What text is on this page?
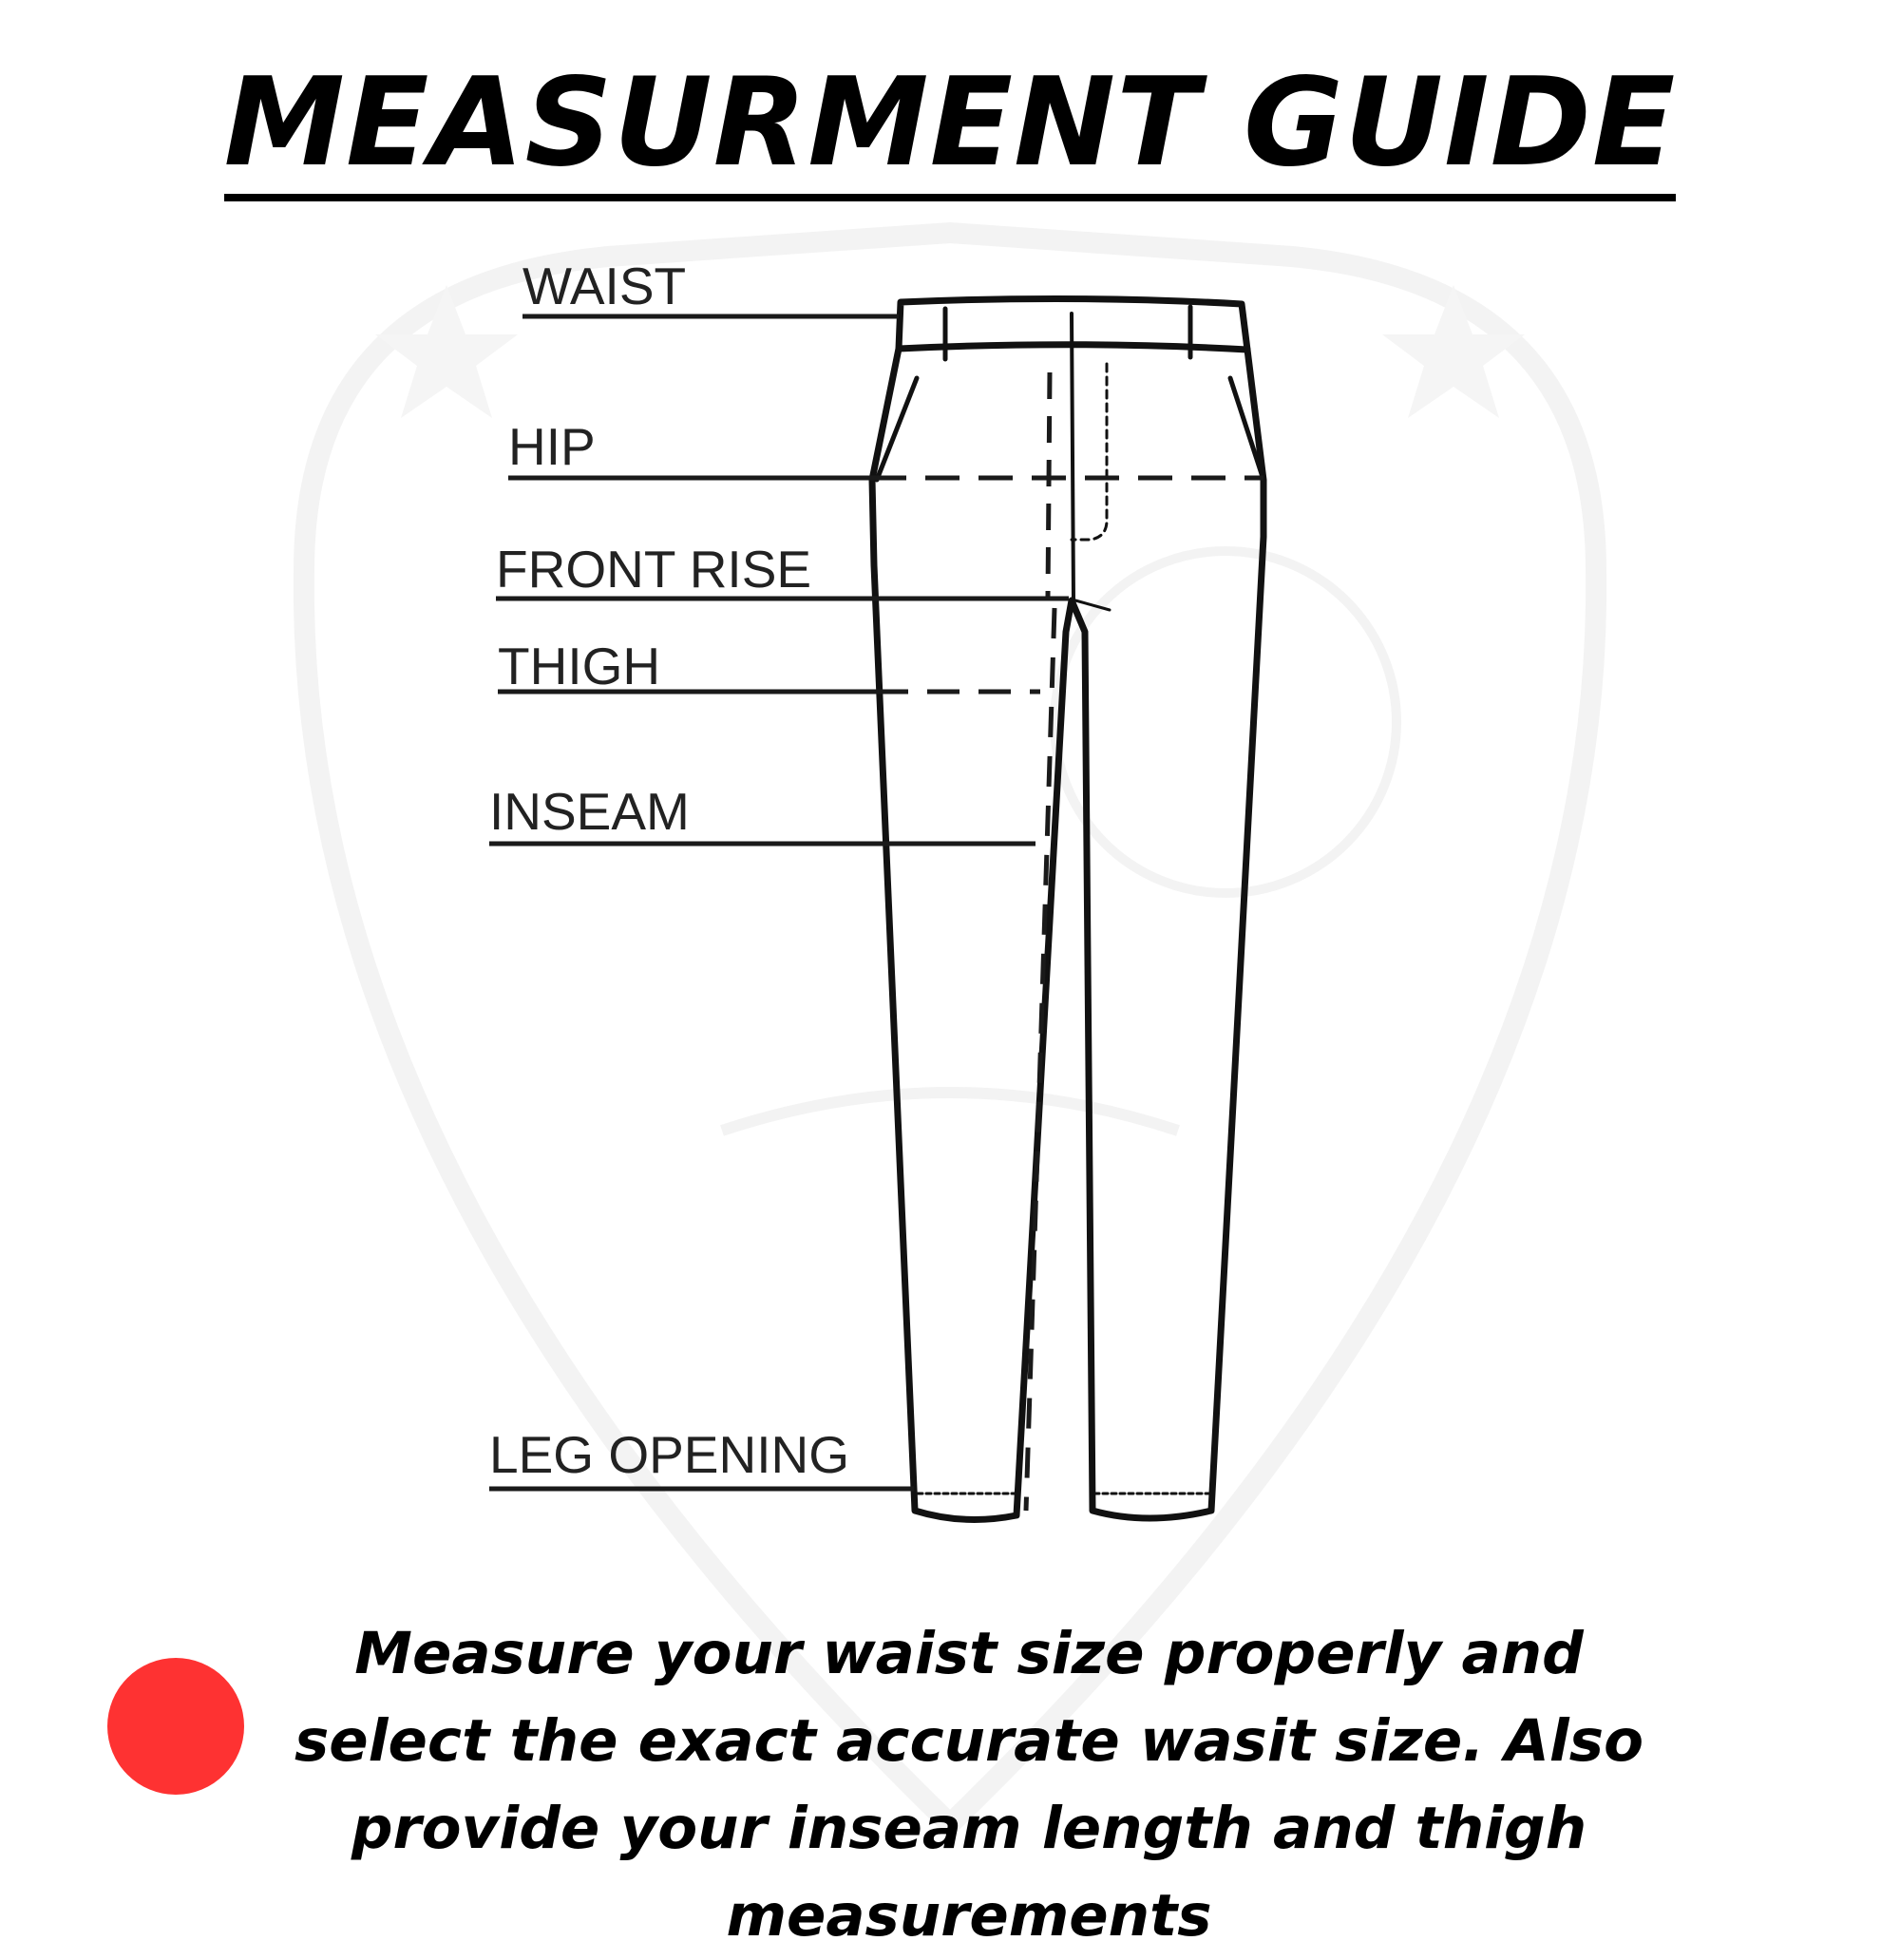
MEASURMENT GUIDE
WAIST
HIP
FRONT RISE
THIGH
INSEAM
LEG OPENING

Measure your waist size properly and select the exact accurate wasit size. Also provide your inseam length and thigh measurements
